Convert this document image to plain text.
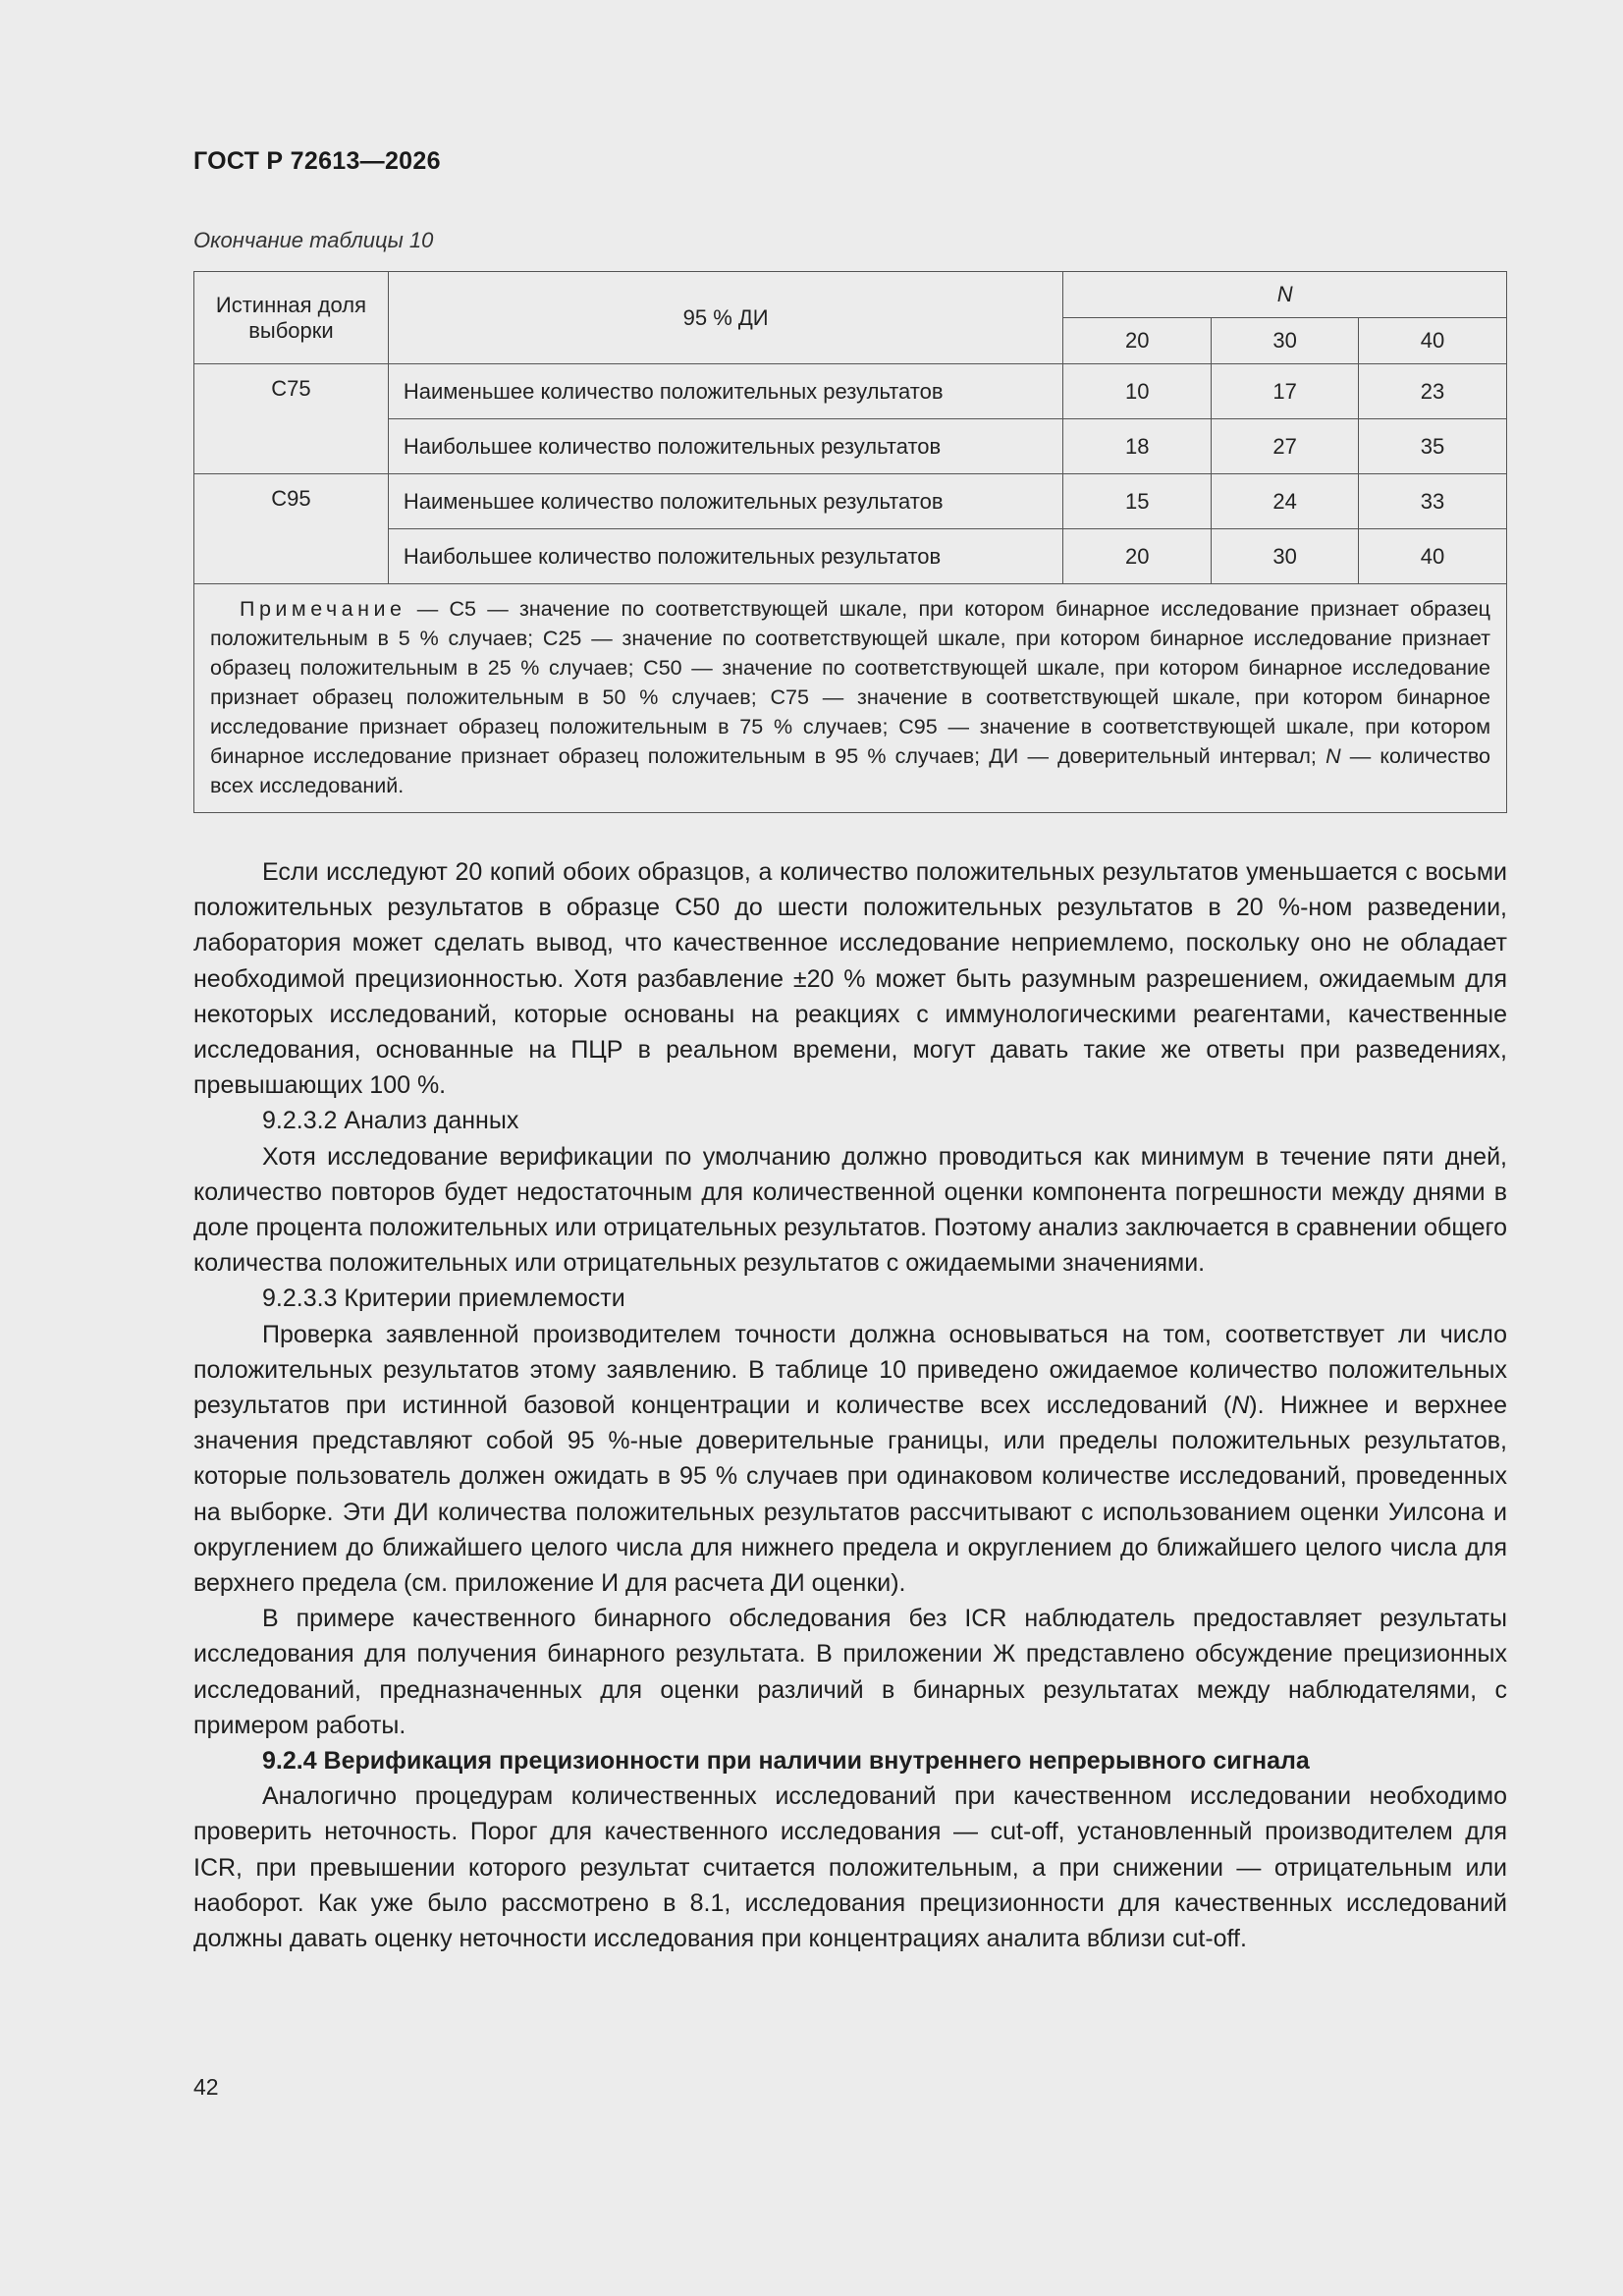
ГОСТ Р 72613—2026
Окончание таблицы 10
Истинная доля выборки	95 % ДИ	N		
		20	30	40
C75	Наименьшее количество положительных результатов	10	17	23
	Наибольшее количество положительных результатов	18	27	35
C95	Наименьшее количество положительных результатов	15	24	33
	Наибольшее количество положительных результатов	20	30	40
Примечание — C5 — значение по соответствующей шкале, при котором бинарное исследование признает образец положительным в 5 % случаев; C25 — значение по соответствующей шкале, при котором бинарное исследование признает образец положительным в 25 % случаев; C50 — значение по соответствующей шкале, при котором бинарное исследование признает образец положительным в 50 % случаев; C75 — значение в соответствующей шкале, при котором бинарное исследование признает образец положительным в 75 % случаев; C95 — значение в соответствующей шкале, при котором бинарное исследование признает образец положительным в 95 % случаев; ДИ — доверительный интервал; N — количество всех исследований.				

Если исследуют 20 копий обоих образцов, а количество положительных результатов уменьшается с восьми положительных результатов в образце C50 до шести положительных результатов в 20 %-ном разведении, лаборатория может сделать вывод, что качественное исследование неприемлемо, поскольку оно не обладает необходимой прецизионностью. Хотя разбавление ±20 % может быть разумным разрешением, ожидаемым для некоторых исследований, которые основаны на реакциях с иммунологическими реагентами, качественные исследования, основанные на ПЦР в реальном времени, могут давать такие же ответы при разведениях, превышающих 100 %.

9.2.3.2 Анализ данных

Хотя исследование верификации по умолчанию должно проводиться как минимум в течение пяти дней, количество повторов будет недостаточным для количественной оценки компонента погрешности между днями в доле процента положительных или отрицательных результатов. Поэтому анализ заключается в сравнении общего количества положительных или отрицательных результатов с ожидаемыми значениями.

9.2.3.3 Критерии приемлемости

Проверка заявленной производителем точности должна основываться на том, соответствует ли число положительных результатов этому заявлению. В таблице 10 приведено ожидаемое количество положительных результатов при истинной базовой концентрации и количестве всех исследований (N). Нижнее и верхнее значения представляют собой 95 %-ные доверительные границы, или пределы положительных результатов, которые пользователь должен ожидать в 95 % случаев при одинаковом количестве исследований, проведенных на выборке. Эти ДИ количества положительных результатов рассчитывают с использованием оценки Уилсона и округлением до ближайшего целого числа для нижнего предела и округлением до ближайшего целого числа для верхнего предела (см. приложение И для расчета ДИ оценки).

В примере качественного бинарного обследования без ICR наблюдатель предоставляет результаты исследования для получения бинарного результата. В приложении Ж представлено обсуждение прецизионных исследований, предназначенных для оценки различий в бинарных результатах между наблюдателями, с примером работы.

9.2.4 Верификация прецизионности при наличии внутреннего непрерывного сигнала

Аналогично процедурам количественных исследований при качественном исследовании необходимо проверить неточность. Порог для качественного исследования — cut-off, установленный производителем для ICR, при превышении которого результат считается положительным, а при снижении — отрицательным или наоборот. Как уже было рассмотрено в 8.1, исследования прецизионности для качественных исследований должны давать оценку неточности исследования при концентрациях аналита вблизи cut-off.

42
